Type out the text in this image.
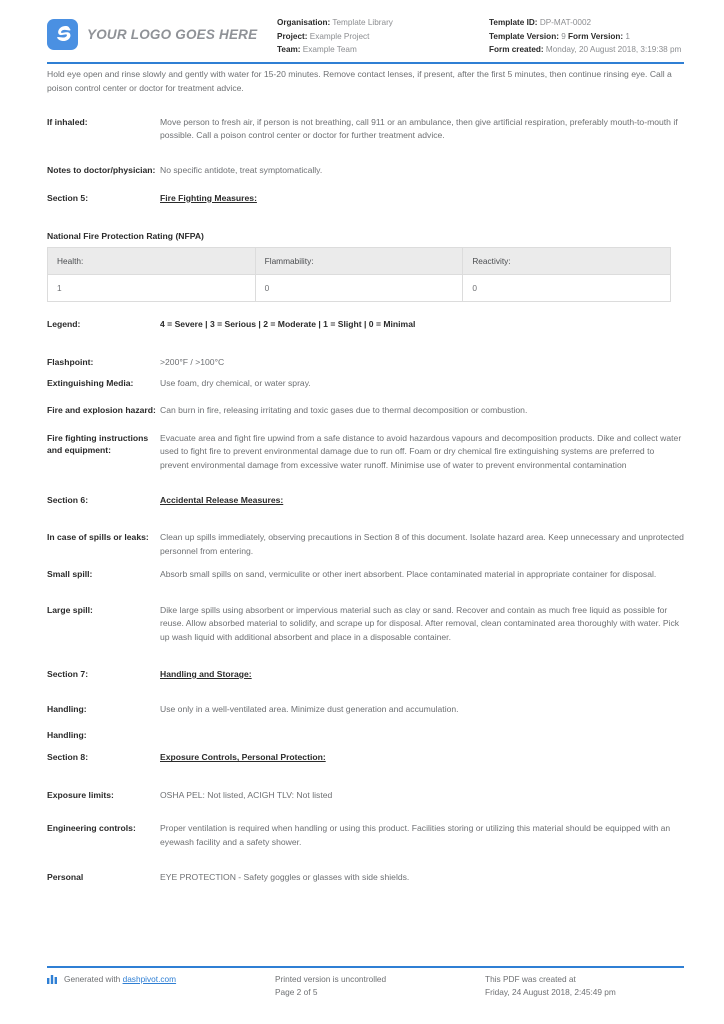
YOUR LOGO GOES HERE
Organisation: Template Library
Project: Example Project
Team: Example Team
Template ID: DP-MAT-0002
Template Version: 9 Form Version: 1
Form created: Monday, 20 August 2018, 3:19:38 pm
Hold eye open and rinse slowly and gently with water for 15-20 minutes. Remove contact lenses, if present, after the first 5 minutes, then continue rinsing eye. Call a poison control center or doctor for treatment advice.
If inhaled:	Move person to fresh air, if person is not breathing, call 911 or an ambulance, then give artificial respiration, preferably mouth-to-mouth if possible. Call a poison control center or doctor for further treatment advice.
Notes to doctor/physician: No specific antidote, treat symptomatically.
Section 5:	Fire Fighting Measures:
National Fire Protection Rating (NFPA)
Health:	Flammability:	Reactivity:
1	0	0
Legend:	4 = Severe | 3 = Serious | 2 = Moderate | 1 = Slight | 0 = Minimal
Flashpoint:	>200°F / >100°C
Extinguishing Media:	Use foam, dry chemical, or water spray.
Fire and explosion hazard: Can burn in fire, releasing irritating and toxic gases due to thermal decomposition or combustion.
Fire fighting instructions and equipment:
Evacuate area and fight fire upwind from a safe distance to avoid hazardous vapours and decomposition products. Dike and collect water used to fight fire to prevent environmental damage due to run off. Foam or dry chemical fire extinguishing systems are preferred to prevent environmental damage from excessive water runoff. Minimise use of water to prevent environmental contamination
Section 6:	Accidental Release Measures:
In case of spills or leaks:	Clean up spills immediately, observing precautions in Section 8 of this document. Isolate hazard area. Keep unnecessary and unprotected personnel from entering.
Small spill:	Absorb small spills on sand, vermiculite or other inert absorbent. Place contaminated material in appropriate container for disposal.
Large spill:	Dike large spills using absorbent or impervious material such as clay or sand. Recover and contain as much free liquid as possible for reuse. Allow absorbed material to solidify, and scrape up for disposal. After removal, clean contaminated area thoroughly with water. Pick up wash liquid with additional absorbent and place in a disposable container.
Section 7:	Handling and Storage:
Handling:	Use only in a well-ventilated area. Minimize dust generation and accumulation.
Handling:
Section 8:	Exposure Controls, Personal Protection:
Exposure limits:	OSHA PEL: Not listed, ACIGH TLV: Not listed
Engineering controls:	Proper ventilation is required when handling or using this product. Facilities storing or utilizing this material should be equipped with an eyewash facility and a safety shower.
Personal	EYE PROTECTION - Safety goggles or glasses with side shields.
Generated with dashpivot.com	Printed version is uncontrolled
Page 2 of 5
This PDF was created at
Friday, 24 August 2018, 2:45:49 pm
